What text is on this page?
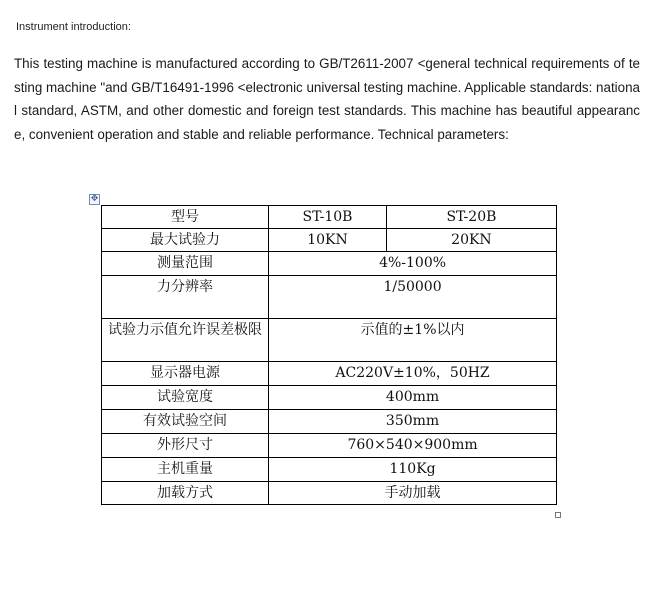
Instrument introduction:
This testing machine is manufactured according to GB/T2611-2007 <general technical requirements of testing machine "and GB/T16491-1996 <electronic universal testing machine. Applicable standards: national standard, ASTM, and other domestic and foreign test standards. This machine has beautiful appearance, convenient operation and stable and reliable performance. Technical parameters:
✥
型号	ST-10B	ST-20B
最大试验力	10KN	20KN
测量范围	4%-100%	
力分辨率	1/50000	
试验力示值允许误差极限	示值的±1%以内	
显示器电源	AC220V±10%，50HZ	
试验宽度	400mm	
有效试验空间	350mm	
外形尺寸	760×540×900mm	
主机重量	110Kg	
加载方式	手动加载	
